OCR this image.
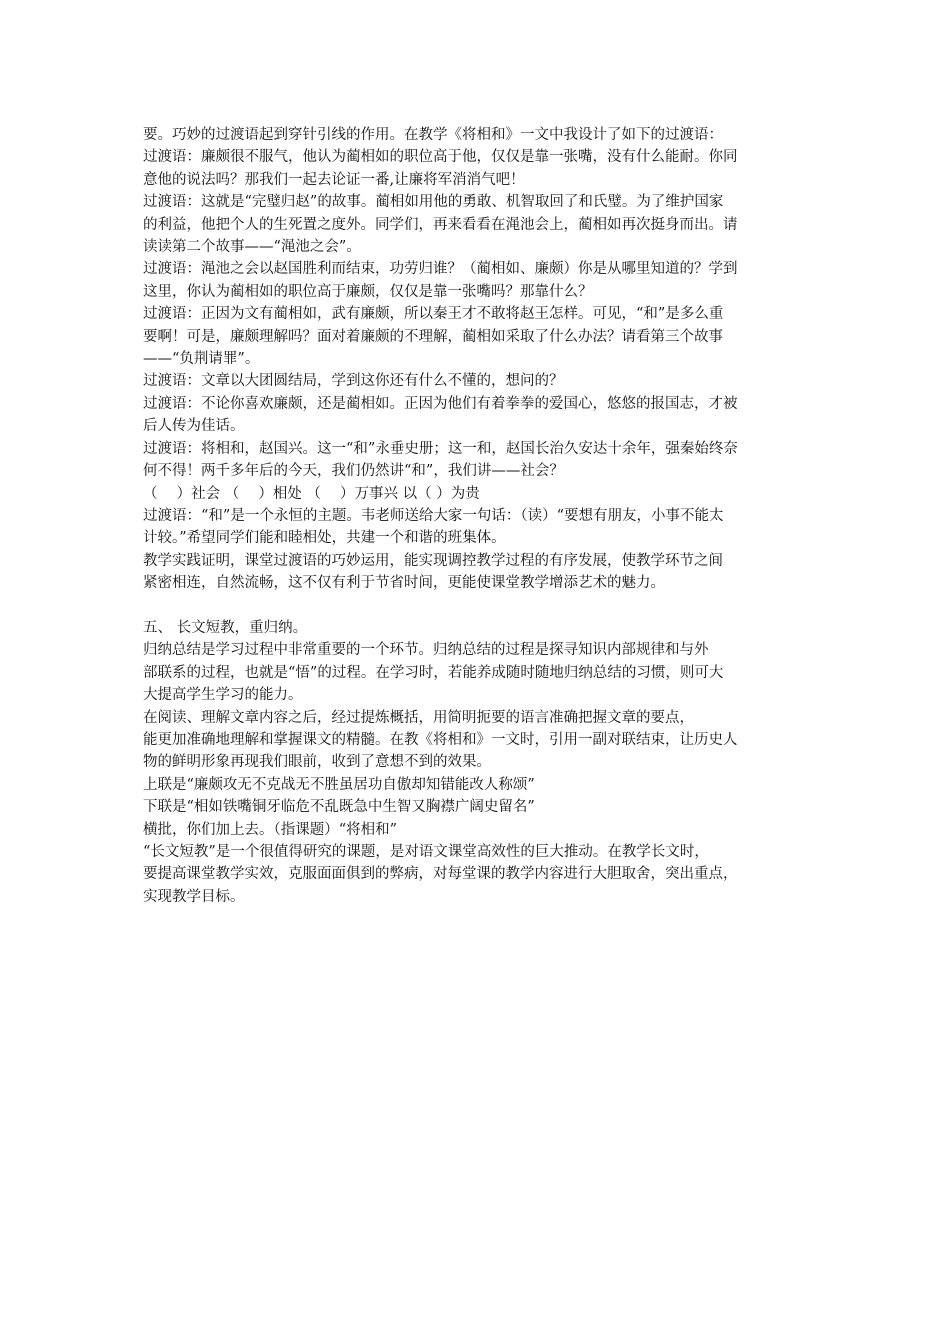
要。巧妙的过渡语起到穿针引线的作用。在教学《将相和》一文中我设计了如下的过渡语：
过渡语：廉颇很不服气，他认为蔺相如的职位高于他，仅仅是靠一张嘴，没有什么能耐。你同
意他的说法吗？那我们一起去论证一番,让廉将军消消气吧！
过渡语：这就是“完璧归赵”的故事。蔺相如用他的勇敢、机智取回了和氏璧。为了维护国家
的利益，他把个人的生死置之度外。同学们，再来看看在渑池会上，蔺相如再次挺身而出。请
读读第二个故事——“渑池之会”。
过渡语：渑池之会以赵国胜利而结束，功劳归谁？（蔺相如、廉颇）你是从哪里知道的？学到
这里，你认为蔺相如的职位高于廉颇，仅仅是靠一张嘴吗？那靠什么？
过渡语：正因为文有蔺相如，武有廉颇，所以秦王才不敢将赵王怎样。可见，“和”是多么重
要啊！可是，廉颇理解吗？面对着廉颇的不理解，蔺相如采取了什么办法？请看第三个故事
——“负荆请罪”。
过渡语：文章以大团圆结局，学到这你还有什么不懂的，想问的？
过渡语：不论你喜欢廉颇，还是蔺相如。正因为他们有着拳拳的爱国心，悠悠的报国志，才被
后人传为佳话。
过渡语：将相和，赵国兴。这一“和”永垂史册；这一和，赵国长治久安达十余年，强秦始终奈
何不得！两千多年后的今天，我们仍然讲“和”，我们讲——社会？
（　 ）社会 （　 ）相处 （　 ）万事兴 以（ ）为贵
过渡语：“和”是一个永恒的主题。韦老师送给大家一句话：（读）“要想有朋友，小事不能太
计较。”希望同学们能和睦相处，共建一个和谐的班集体。
教学实践证明，课堂过渡语的巧妙运用，能实现调控教学过程的有序发展，使教学环节之间
紧密相连，自然流畅，这不仅有利于节省时间，更能使课堂教学增添艺术的魅力。
五、 长文短教，重归纳。
归纳总结是学习过程中非常重要的一个环节。归纳总结的过程是探寻知识内部规律和与外
部联系的过程，也就是“悟”的过程。在学习时，若能养成随时随地归纳总结的习惯，则可大
大提高学生学习的能力。
在阅读、理解文章内容之后，经过提炼概括，用简明扼要的语言准确把握文章的要点，
能更加准确地理解和掌握课文的精髓。在教《将相和》一文时，引用一副对联结束，让历史人
物的鲜明形象再现我们眼前，收到了意想不到的效果。
上联是“廉颇攻无不克战无不胜虽居功自傲却知错能改人称颂”
下联是“相如铁嘴铜牙临危不乱既急中生智又胸襟广阔史留名”
横批，你们加上去。（指课题）“将相和”
“长文短教”是一个很值得研究的课题，是对语文课堂高效性的巨大推动。在教学长文时，
要提高课堂教学实效，克服面面俱到的弊病，对每堂课的教学内容进行大胆取舍，突出重点，
实现教学目标。
